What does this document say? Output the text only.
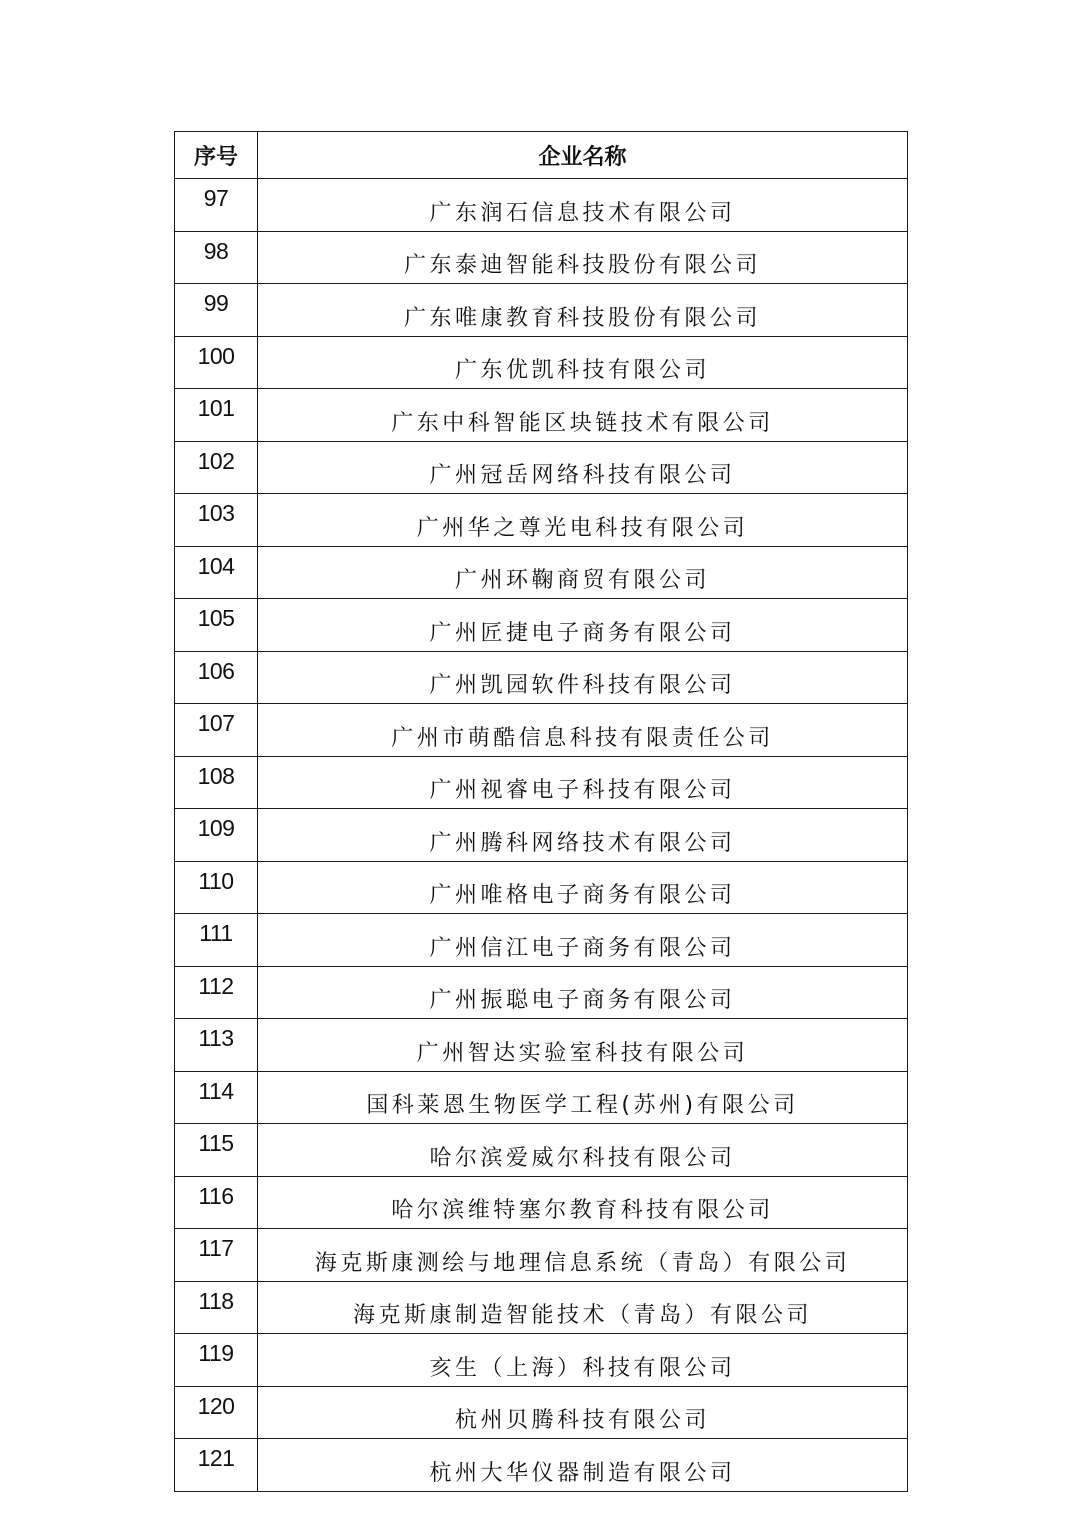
序号	企业名称
97	广东润石信息技术有限公司
98	广东泰迪智能科技股份有限公司
99	广东唯康教育科技股份有限公司
100	广东优凯科技有限公司
101	广东中科智能区块链技术有限公司
102	广州冠岳网络科技有限公司
103	广州华之尊光电科技有限公司
104	广州环鞠商贸有限公司
105	广州匠捷电子商务有限公司
106	广州凯园软件科技有限公司
107	广州市萌酷信息科技有限责任公司
108	广州视睿电子科技有限公司
109	广州腾科网络技术有限公司
110	广州唯格电子商务有限公司
111	广州信江电子商务有限公司
112	广州振聪电子商务有限公司
113	广州智达实验室科技有限公司
114	国科莱恩生物医学工程(苏州)有限公司
115	哈尔滨爱威尔科技有限公司
116	哈尔滨维特塞尔教育科技有限公司
117	海克斯康测绘与地理信息系统（青岛）有限公司
118	海克斯康制造智能技术（青岛）有限公司
119	亥生（上海）科技有限公司
120	杭州贝腾科技有限公司
121	杭州大华仪器制造有限公司
